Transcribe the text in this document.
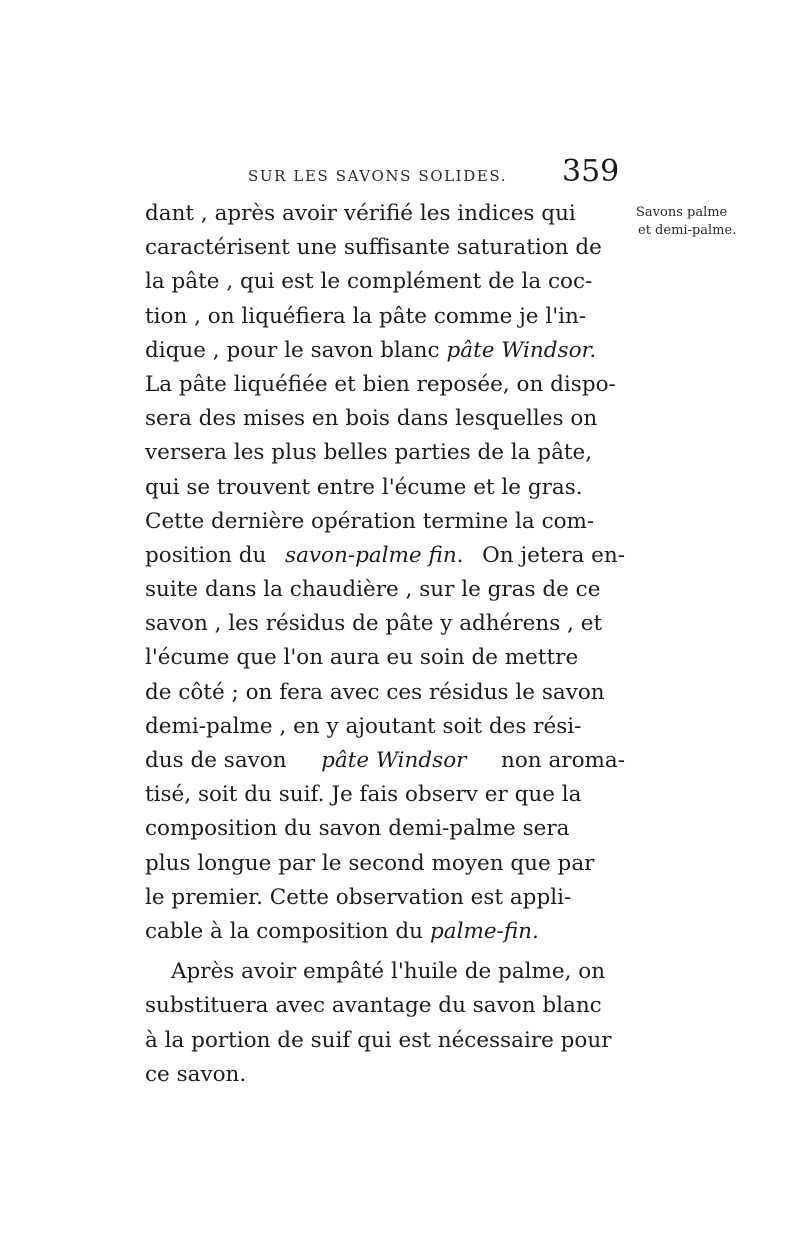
SUR LES SAVONS SOLIDES. 359
Savons palme
et demi-palme.
dant , après avoir vérifié les indices qui
caractérisent une suffisante saturation de
la pâte , qui est le complément de la coc-
tion , on liquéfiera la pâte comme je l'in-
dique , pour le savon blanc pâte Windsor.
La pâte liquéfiée et bien reposée, on dispo-
sera des mises en bois dans lesquelles on
versera les plus belles parties de la pâte,
qui se trouvent entre l'écume et le gras.
Cette dernière opération termine la com-
position du savon-palme fin. On jetera en-
suite dans la chaudière , sur le gras de ce
savon , les résidus de pâte y adhérens , et
l'écume que l'on aura eu soin de mettre
de côté ; on fera avec ces résidus le savon
demi-palme , en y ajoutant soit des rési-
dus de savon pâte Windsor non aroma-
tisé, soit du suif. Je fais observ er que la
composition du savon demi-palme sera
plus longue par le second moyen que par
le premier. Cette observation est appli-
cable à la composition du palme-fin.
Après avoir empâté l'huile de palme, on
substituera avec avantage du savon blanc
à la portion de suif qui est nécessaire pour
ce savon.
